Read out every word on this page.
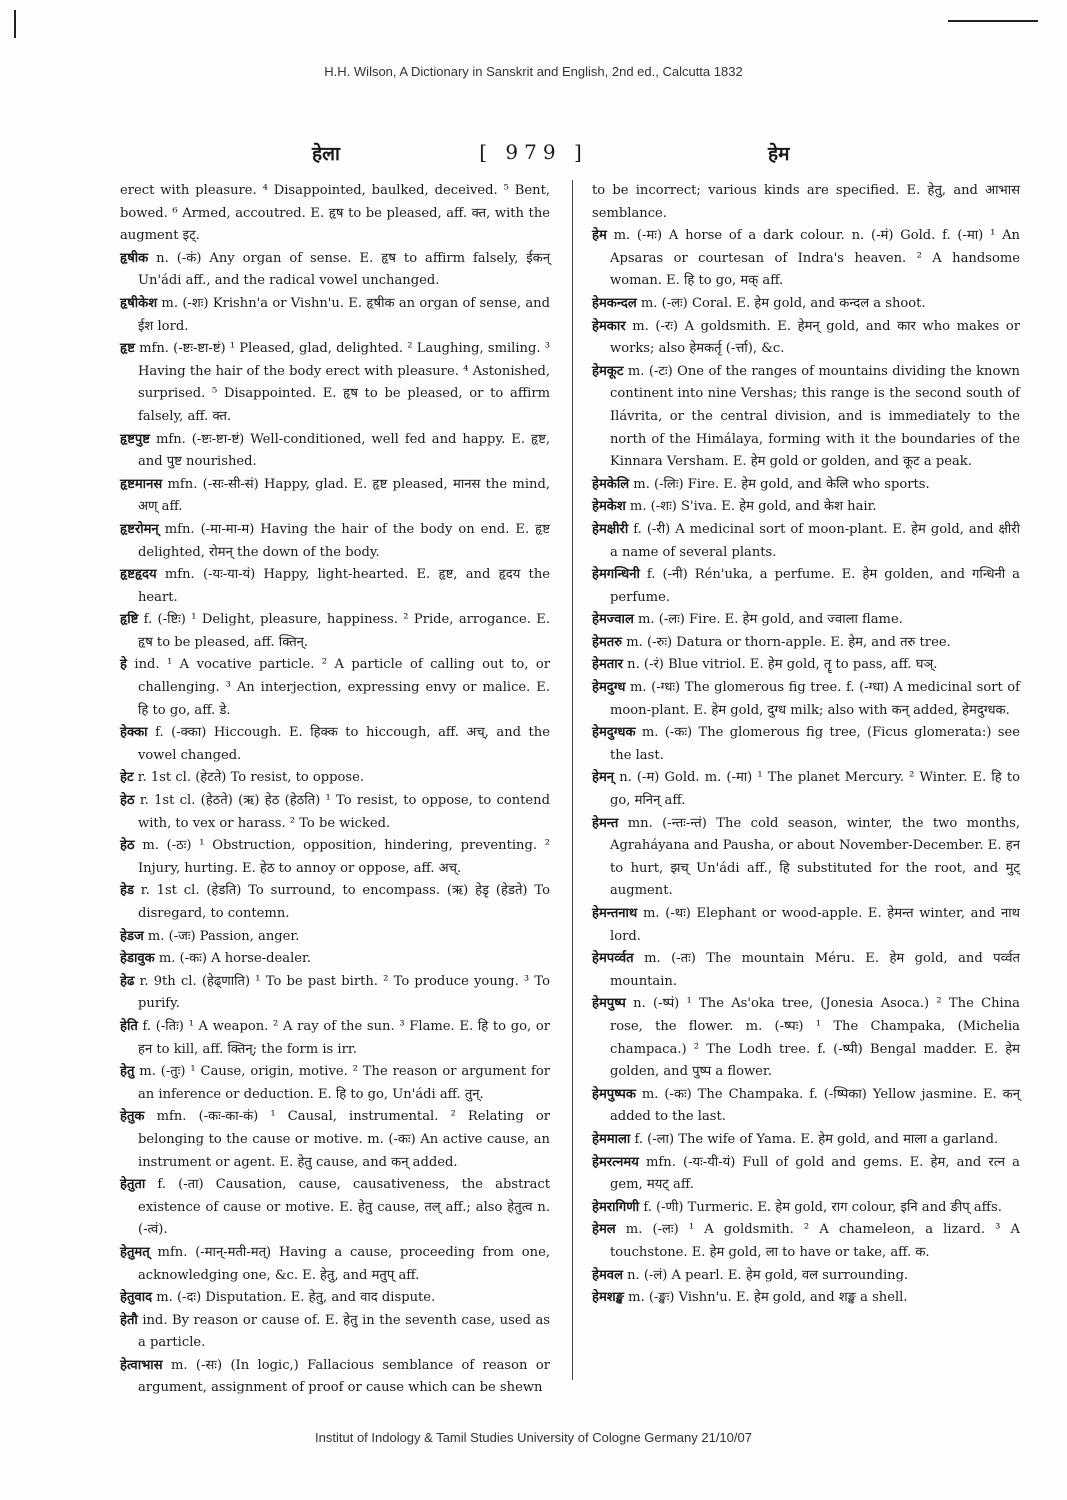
H.H. Wilson, A Dictionary in Sanskrit and English, 2nd ed., Calcutta 1832
हेला	[ 979 ]	हेम

erect with pleasure. ⁴ Disappointed, baulked, deceived. ⁵ Bent, bowed. ⁶ Armed, accoutred. E. हृष to be pleased, aff. क्त, with the augment इट्.

हृषीक n. (-कं) Any organ of sense. E. हृष to affirm falsely, ईकन् Un'ádi aff., and the radical vowel unchanged.

हृषीकेश m. (-शः) Krishn'a or Vishn'u. E. हृषीक an organ of sense, and ईश lord.

हृष्ट mfn. (-ष्टः-ष्टा-ष्टं) ¹ Pleased, glad, delighted. ² Laughing, smiling. ³ Having the hair of the body erect with pleasure. ⁴ Astonished, surprised. ⁵ Disappointed. E. हृष to be pleased, or to affirm falsely, aff. क्त.

हृष्टपुष्ट mfn. (-ष्टः-ष्टा-ष्टं) Well-conditioned, well fed and happy. E. हृष्ट, and पुष्ट nourished.

हृष्टमानस mfn. (-सः-सी-सं) Happy, glad. E. हृष्ट pleased, मानस the mind, अण् aff.

हृष्टरोमन् mfn. (-मा-मा-म) Having the hair of the body on end. E. हृष्ट delighted, रोमन् the down of the body.

हृष्टहृदय mfn. (-यः-या-यं) Happy, light-hearted. E. हृष्ट, and हृदय the heart.

हृष्टि f. (-ष्टिः) ¹ Delight, pleasure, happiness. ² Pride, arrogance. E. हृष to be pleased, aff. क्तिन्.

हे ind. ¹ A vocative particle. ² A particle of calling out to, or challenging. ³ An interjection, expressing envy or malice. E. हि to go, aff. डे.

हेक्का f. (-क्का) Hiccough. E. हिक्क to hiccough, aff. अच्, and the vowel changed.

हेट r. 1st cl. (हेटते) To resist, to oppose.

हेठ r. 1st cl. (हेठते) (ऋ) हेठ (हेठति) ¹ To resist, to oppose, to contend with, to vex or harass. ² To be wicked.

हेठ m. (-ठः) ¹ Obstruction, opposition, hindering, preventing. ² Injury, hurting. E. हेठ to annoy or oppose, aff. अच्.

हेड r. 1st cl. (हेडति) To surround, to encompass. (ऋ) हेडृ (हेडते) To disregard, to contemn.

हेडज m. (-जः) Passion, anger.

हेडावुक m. (-कः) A horse-dealer.

हेढ r. 9th cl. (हेढ्णाति) ¹ To be past birth. ² To produce young. ³ To purify.

हेति f. (-तिः) ¹ A weapon. ² A ray of the sun. ³ Flame. E. हि to go, or हन to kill, aff. क्तिन्; the form is irr.

हेतु m. (-तुः) ¹ Cause, origin, motive. ² The reason or argument for an inference or deduction. E. हि to go, Un'ádi aff. तुन्.

हेतुक mfn. (-कः-का-कं) ¹ Causal, instrumental. ² Relating or belonging to the cause or motive. m. (-कः) An active cause, an instrument or agent. E. हेतु cause, and कन् added.

हेतुता f. (-ता) Causation, cause, causativeness, the abstract existence of cause or motive. E. हेतु cause, तल् aff.; also हेतुत्व n. (-त्वं).

हेतुमत् mfn. (-मान्-मती-मत्) Having a cause, proceeding from one, acknowledging one, &c. E. हेतु, and मतुप् aff.

हेतुवाद m. (-दः) Disputation. E. हेतु, and वाद dispute.

हेतौ ind. By reason or cause of. E. हेतु in the seventh case, used as a particle.

हेत्वाभास m. (-सः) (In logic,) Fallacious semblance of reason or argument, assignment of proof or cause which can be shewn

to be incorrect; various kinds are specified. E. हेतु, and आभास semblance.

हेम m. (-मः) A horse of a dark colour. n. (-मं) Gold. f. (-मा) ¹ An Apsaras or courtesan of Indra's heaven. ² A handsome woman. E. हि to go, मक् aff.

हेमकन्दल m. (-लः) Coral. E. हेम gold, and कन्दल a shoot.

हेमकार m. (-रः) A goldsmith. E. हेमन् gold, and कार who makes or works; also हेमकर्तृ (-र्त्ता), &c.

हेमकूट m. (-टः) One of the ranges of mountains dividing the known continent into nine Vershas; this range is the second south of Ilávrita, or the central division, and is immediately to the north of the Himálaya, forming with it the boundaries of the Kinnara Versham. E. हेम gold or golden, and कूट a peak.

हेमकेलि m. (-लिः) Fire. E. हेम gold, and केलि who sports.

हेमकेश m. (-शः) S'iva. E. हेम gold, and केश hair.

हेमक्षीरी f. (-री) A medicinal sort of moon-plant. E. हेम gold, and क्षीरी a name of several plants.

हेमगन्धिनी f. (-नी) Rén'uka, a perfume. E. हेम golden, and गन्धिनी a perfume.

हेमज्वाल m. (-लः) Fire. E. हेम gold, and ज्वाला flame.

हेमतरु m. (-रुः) Datura or thorn-apple. E. हेम, and तरु tree.

हेमतार n. (-रं) Blue vitriol. E. हेम gold, तॄ to pass, aff. घञ्.

हेमदुग्ध m. (-ग्धः) The glomerous fig tree. f. (-ग्धा) A medicinal sort of moon-plant. E. हेम gold, दुग्ध milk; also with कन् added, हेमदुग्धक.

हेमदुग्धक m. (-कः) The glomerous fig tree, (Ficus glomerata:) see the last.

हेमन् n. (-म) Gold. m. (-मा) ¹ The planet Mercury. ² Winter. E. हि to go, मनिन् aff.

हेमन्त mn. (-न्तः-न्तं) The cold season, winter, the two months, Agraháyana and Pausha, or about November-December. E. हन to hurt, झच् Un'ádi aff., हि substituted for the root, and मुट् augment.

हेमन्तनाथ m. (-थः) Elephant or wood-apple. E. हेमन्त winter, and नाथ lord.

हेमपर्व्वत m. (-तः) The mountain Méru. E. हेम gold, and पर्व्वत mountain.

हेमपुष्प n. (-ष्पं) ¹ The As'oka tree, (Jonesia Asoca.) ² The China rose, the flower. m. (-ष्पः) ¹ The Champaka, (Michelia champaca.) ² The Lodh tree. f. (-ष्पी) Bengal madder. E. हेम golden, and पुष्प a flower.

हेमपुष्पक m. (-कः) The Champaka. f. (-ष्पिका) Yellow jasmine. E. कन् added to the last.

हेममाला f. (-ला) The wife of Yama. E. हेम gold, and माला a garland.

हेमरत्नमय mfn. (-यः-यी-यं) Full of gold and gems. E. हेम, and रत्न a gem, मयट् aff.

हेमरागिणी f. (-णी) Turmeric. E. हेम gold, राग colour, इनि and ङीप् affs.

हेमल m. (-लः) ¹ A goldsmith. ² A chameleon, a lizard. ³ A touchstone. E. हेम gold, ला to have or take, aff. क.

हेमवल n. (-लं) A pearl. E. हेम gold, वल surrounding.

हेमशङ्ख m. (-ङ्खः) Vishn'u. E. हेम gold, and शङ्ख a shell.

Institut of Indology & Tamil Studies University of Cologne Germany 21/10/07
